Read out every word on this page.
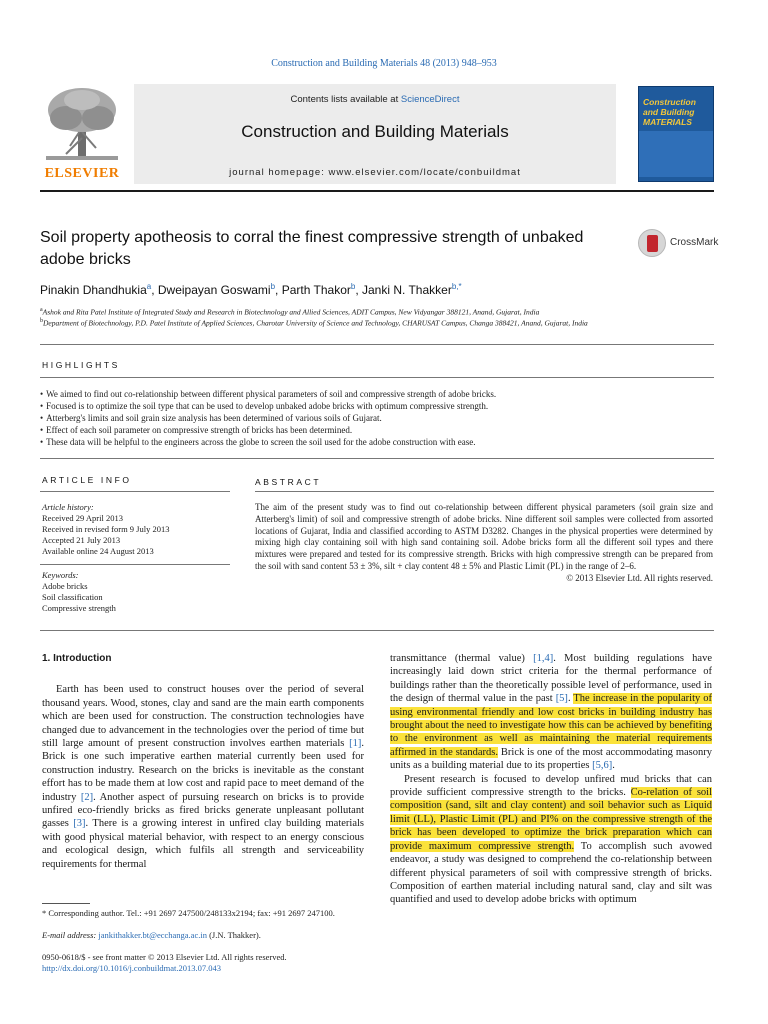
Construction and Building Materials 48 (2013) 948–953
ELSEVIER
Contents lists available at ScienceDirect
Construction and Building Materials
journal homepage: www.elsevier.com/locate/conbuildmat
Construction and Building MATERIALS
Soil property apotheosis to corral the finest compressive strength of unbaked adobe bricks
CrossMark
Pinakin Dhandhukia$^a$, Dweipayan Goswami$^b$, Parth Thakor$^b$, Janki N. Thakker$^{b,*}$
$^a$Ashok and Rita Patel Institute of Integrated Study and Research in Biotechnology and Allied Sciences, ADIT Campus, New Vidyangar 388121, Anand, Gujarat, India
$^b$Department of Biotechnology, P.D. Patel Institute of Applied Sciences, Charotar University of Science and Technology, CHARUSAT Campus, Changa 388421, Anand, Gujarat, India
HIGHLIGHTS
• We aimed to find out co-relationship between different physical parameters of soil and compressive strength of adobe bricks.
• Focused is to optimize the soil type that can be used to develop unbaked adobe bricks with optimum compressive strength.
• Atterberg's limits and soil grain size analysis has been determined of various soils of Gujarat.
• Effect of each soil parameter on compressive strength of bricks has been determined.
• These data will be helpful to the engineers across the globe to screen the soil used for the adobe construction with ease.
ARTICLE INFO	ABSTRACT
Article history:
Received 29 April 2013
Received in revised form 9 July 2013
Accepted 21 July 2013
Available online 24 August 2013
Keywords:
Adobe bricks
Soil classification
Compressive strength
The aim of the present study was to find out co-relationship between different physical parameters (soil grain size and Atterberg's limit) of soil and compressive strength of adobe bricks. Nine different soil samples were collected from assorted locations of Gujarat, India and classified according to ASTM D3282. Changes in the physical properties were determined by mixing high clay containing soil with high sand containing soil. Adobe bricks form all the different soil types and there mixtures were prepared and tested for its compressive strength. Bricks with high compressive strength can be prepared from the soil with sand content 53 ± 3%, silt + clay content 48 ± 5% and Plastic Limit (PL) in the range of 2–6.
© 2013 Elsevier Ltd. All rights reserved.
1. Introduction

Earth has been used to construct houses over the period of several thousand years. Wood, stones, clay and sand are the main earth components which are been used for construction. The construction technologies have changed due to advancement in the technologies over the period of time but still large amount of present construction involves earthen materials [1]. Brick is one such imperative earthen material currently been used for construction industry. Research on the bricks is inevitable as the constant effort has to be made them at low cost and rapid pace to meet demand of the industry [2]. Another aspect of pursuing research on bricks is to provide unfired eco-friendly bricks as fired bricks generate unpleasant pollutant gasses [3]. There is a growing interest in unfired clay building materials with good physical material behavior, with respect to an energy conscious and ecological design, which fulfils all strength and serviceability requirements for thermal

transmittance (thermal value) [1,4]. Most building regulations have increasingly laid down strict criteria for the thermal performance of buildings rather than the theoretically possible level of performance, used in the design of thermal value in the past [5]. The increase in the popularity of using environmental friendly and low cost bricks in building industry has brought about the need to investigate how this can be achieved by benefiting to the environment as well as maintaining the material requirements affirmed in the standards. Brick is one of the most accommodating masonry units as a building material due to its properties [5,6].

Present research is focused to develop unfired mud bricks that can provide sufficient compressive strength to the bricks. Co-relation of soil composition (sand, silt and clay content) and soil behavior such as Liquid limit (LL), Plastic Limit (PL) and PI% on the compressive strength of the brick has been developed to optimize the brick preparation which can provide maximum compressive strength. To accomplish such avowed endeavor, a study was designed to comprehend the co-relationship between different physical parameters of soil with compressive strength of bricks. Composition of earthen material including natural sand, clay and silt was quantified and used to develop adobe bricks with optimum

* Corresponding author. Tel.: +91 2697 247500/248133x2194; fax: +91 2697 247100.
E-mail address: jankithakker.bt@ecchanga.ac.in (J.N. Thakker).
0950-0618/$ - see front matter © 2013 Elsevier Ltd. All rights reserved.
http://dx.doi.org/10.1016/j.conbuildmat.2013.07.043
